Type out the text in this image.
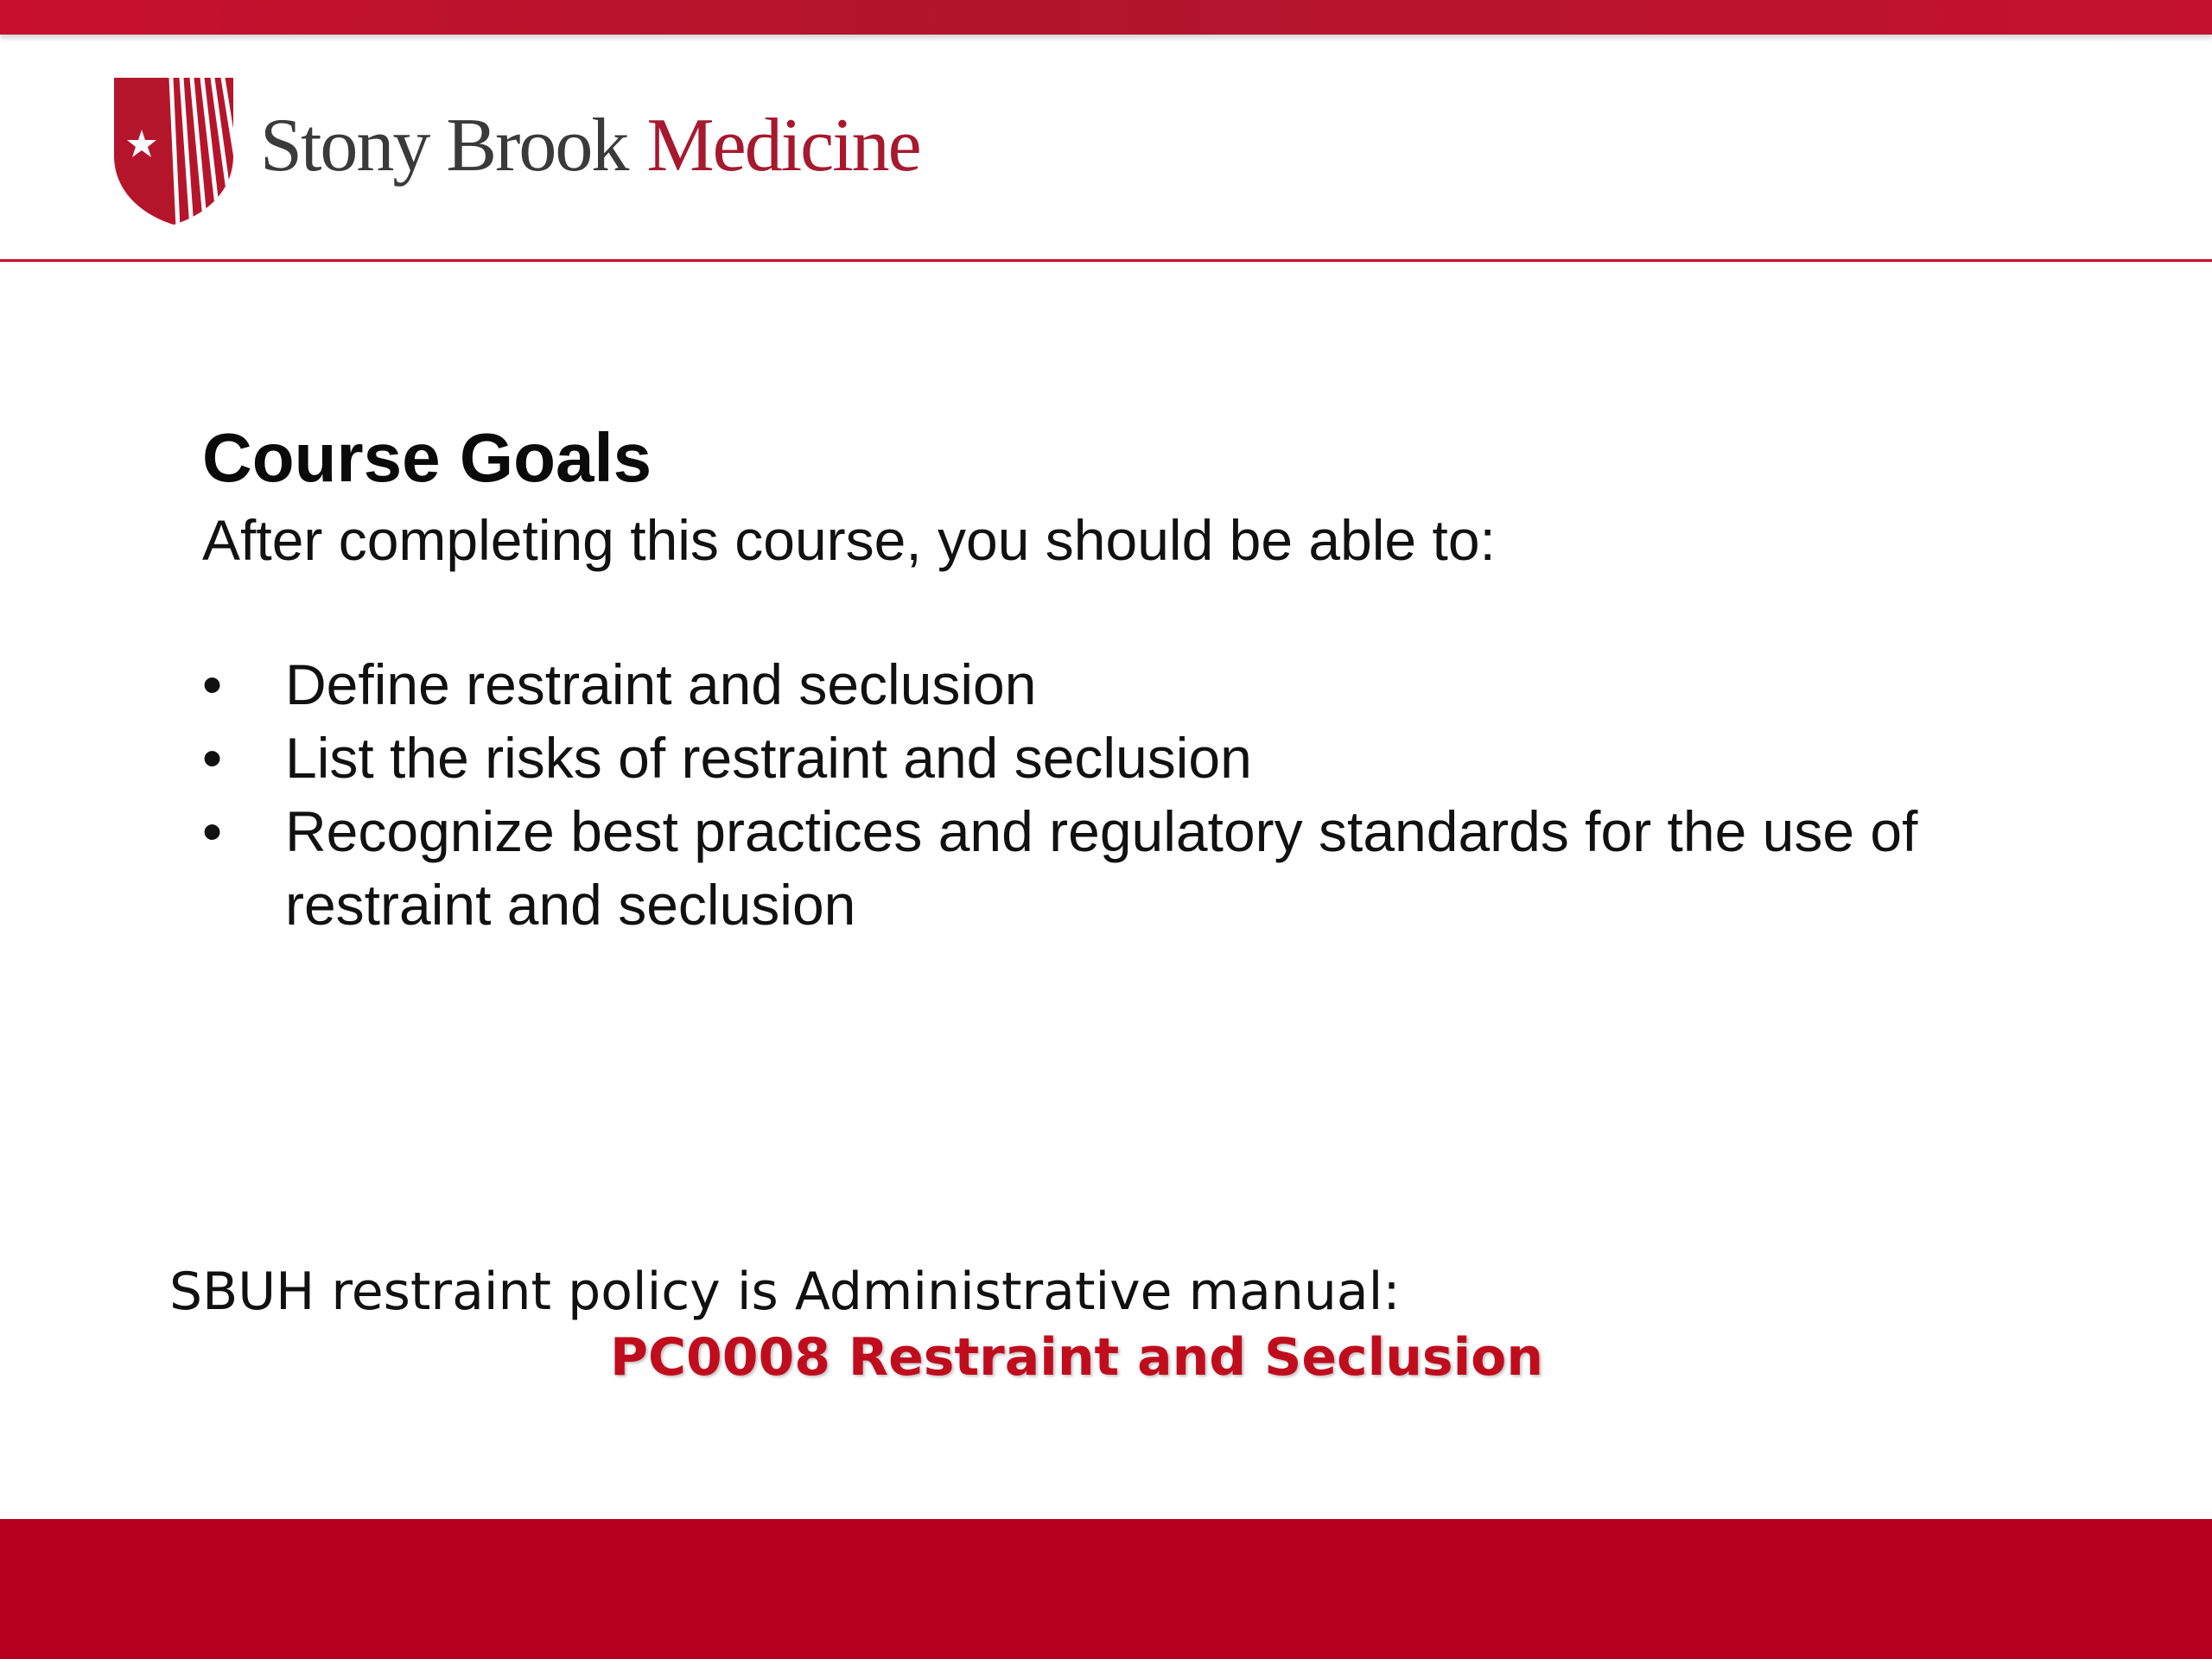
Stony Brook Medicine
Course Goals

After completing this course, you should be able to:

• Define restraint and seclusion
• List the risks of restraint and seclusion
• Recognize best practices and regulatory standards for the use of restraint and seclusion
SBUH restraint policy is Administrative manual:
PC0008 Restraint and Seclusion
